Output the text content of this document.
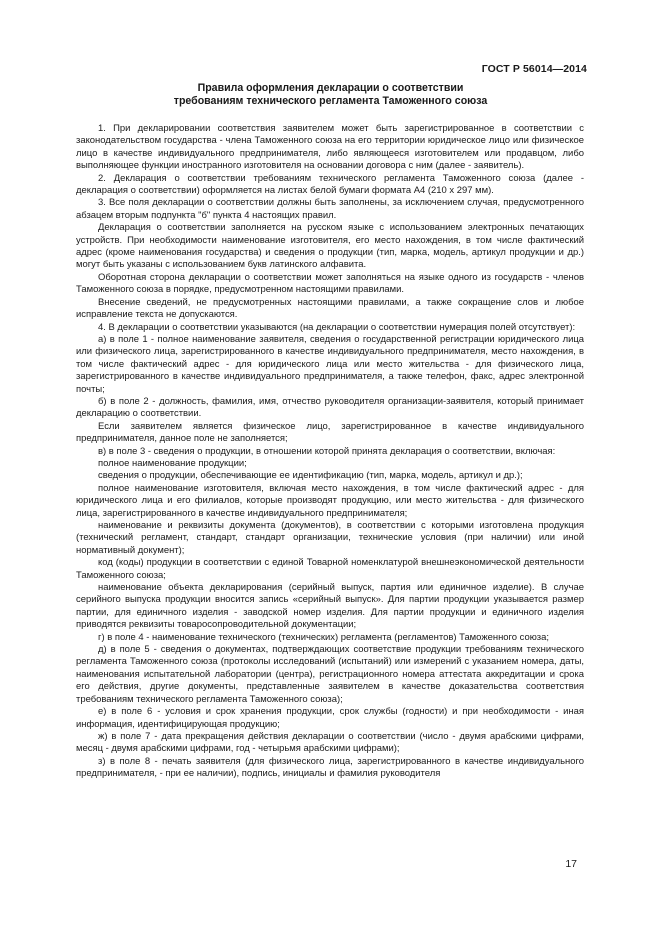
ГОСТ Р 56014—2014
Правила оформления декларации о соответствии
требованиям технического регламента Таможенного союза

1. При декларировании соответствия заявителем может быть зарегистрированное в соответствии с законодательством государства - члена Таможенного союза на его территории юридическое лицо или физическое лицо в качестве индивидуального предпринимателя, либо являющееся изготовителем или продавцом, либо выполняющее функции иностранного изготовителя на основании договора с ним (далее - заявитель).

2. Декларация о соответствии требованиям технического регламента Таможенного союза (далее - декларация о соответствии) оформляется на листах белой бумаги формата А4 (210 x 297 мм).

3. Все поля декларации о соответствии должны быть заполнены, за исключением случая, предусмотренного абзацем вторым подпункта "б" пункта 4 настоящих правил.

Декларация о соответствии заполняется на русском языке с использованием электронных печатающих устройств. При необходимости наименование изготовителя, его место нахождения, в том числе фактический адрес (кроме наименования государства) и сведения о продукции (тип, марка, модель, артикул продукции и др.) могут быть указаны с использованием букв латинского алфавита.

Оборотная сторона декларации о соответствии может заполняться на языке одного из государств - членов Таможенного союза в порядке, предусмотренном настоящими правилами.

Внесение сведений, не предусмотренных настоящими правилами, а также сокращение слов и любое исправление текста не допускаются.

4. В декларации о соответствии указываются (на декларации о соответствии нумерация полей отсутствует):

а) в поле 1 - полное наименование заявителя, сведения о государственной регистрации юридического лица или физического лица, зарегистрированного в качестве индивидуального предпринимателя, место нахождения, в том числе фактический адрес - для юридического лица или место жительства - для физического лица, зарегистрированного в качестве индивидуального предпринимателя, а также телефон, факс, адрес электронной почты;

б) в поле 2 - должность, фамилия, имя, отчество руководителя организации-заявителя, который принимает декларацию о соответствии.

Если заявителем является физическое лицо, зарегистрированное в качестве индивидуального предпринимателя, данное поле не заполняется;

в) в поле 3 - сведения о продукции, в отношении которой принята декларация о соответствии, включая:

полное наименование продукции;

сведения о продукции, обеспечивающие ее идентификацию (тип, марка, модель, артикул и др.);

полное наименование изготовителя, включая место нахождения, в том числе фактический адрес - для юридического лица и его филиалов, которые производят продукцию, или место жительства - для физического лица, зарегистрированного в качестве индивидуального предпринимателя;

наименование и реквизиты документа (документов), в соответствии с которыми изготовлена продукция (технический регламент, стандарт, стандарт организации, технические условия (при наличии) или иной нормативный документ);

код (коды) продукции в соответствии с единой Товарной номенклатурой внешнеэкономической деятельности Таможенного союза;

наименование объекта декларирования (серийный выпуск, партия или единичное изделие). В случае серийного выпуска продукции вносится запись «серийный выпуск». Для партии продукции указывается размер партии, для единичного изделия - заводской номер изделия. Для партии продукции и единичного изделия приводятся реквизиты товаросопроводительной документации;

г) в поле 4 - наименование технического (технических) регламента (регламентов) Таможенного союза;

д) в поле 5 - сведения о документах, подтверждающих соответствие продукции требованиям технического регламента Таможенного союза (протоколы исследований (испытаний) или измерений с указанием номера, даты, наименования испытательной лаборатории (центра), регистрационного номера аттестата аккредитации и срока его действия, другие документы, представленные заявителем в качестве доказательства соответствия требованиям технического регламента Таможенного союза);

е) в поле 6 - условия и срок хранения продукции, срок службы (годности) и при необходимости - иная информация, идентифицирующая продукцию;

ж) в поле 7 - дата прекращения действия декларации о соответствии (число - двумя арабскими цифрами, месяц - двумя арабскими цифрами, год - четырьмя арабскими цифрами);

з) в поле 8 - печать заявителя (для физического лица, зарегистрированного в качестве индивидуального предпринимателя, - при ее наличии), подпись, инициалы и фамилия руководителя

17
